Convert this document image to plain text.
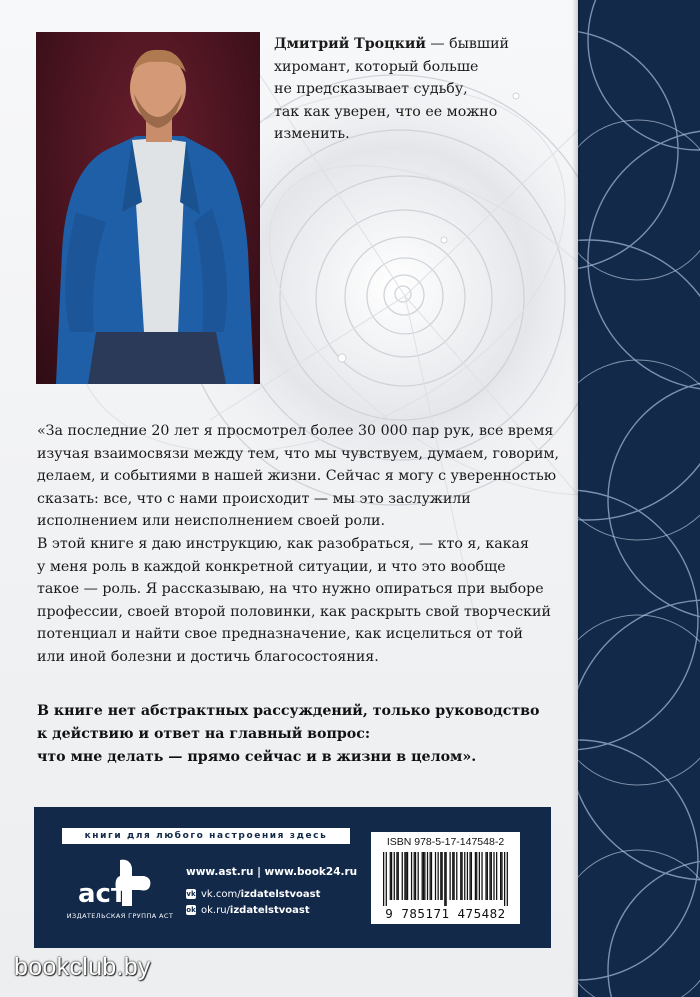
Дмитрий Троцкий — бывший
хиромант, который больше
не предсказывает судьбу,
так как уверен, что ее можно
изменить.
«За последние 20 лет я просмотрел более 30 000 пар рук, все время
изучая взаимосвязи между тем, что мы чувствуем, думаем, говорим,
делаем, и событиями в нашей жизни. Сейчас я могу с уверенностью
сказать: все, что с нами происходит — мы это заслужили
исполнением или неисполнением своей роли.
В этой книге я даю инструкцию, как разобраться, — кто я, какая
у меня роль в каждой конкретной ситуации, и что это вообще
такое — роль. Я рассказываю, на что нужно опираться при выборе
профессии, своей второй половинки, как раскрыть свой творческий
потенциал и найти свое предназначение, как исцелиться от той
или иной болезни и достичь благосостояния.
В книге нет абстрактных рассуждений, только руководство
к действию и ответ на главный вопрос:
что мне делать — прямо сейчас и в жизни в целом».
книги для любого настроения здесь
аст
ИЗДАТЕЛЬСКАЯ ГРУППА АСТ
www.ast.ru | www.book24.ru
vk vk.com/ izdatelstvoast
ok ok.ru/ izdatelstvoast
ISBN 978-5-17-147548-2
9 785171 475482
bookclub.by
